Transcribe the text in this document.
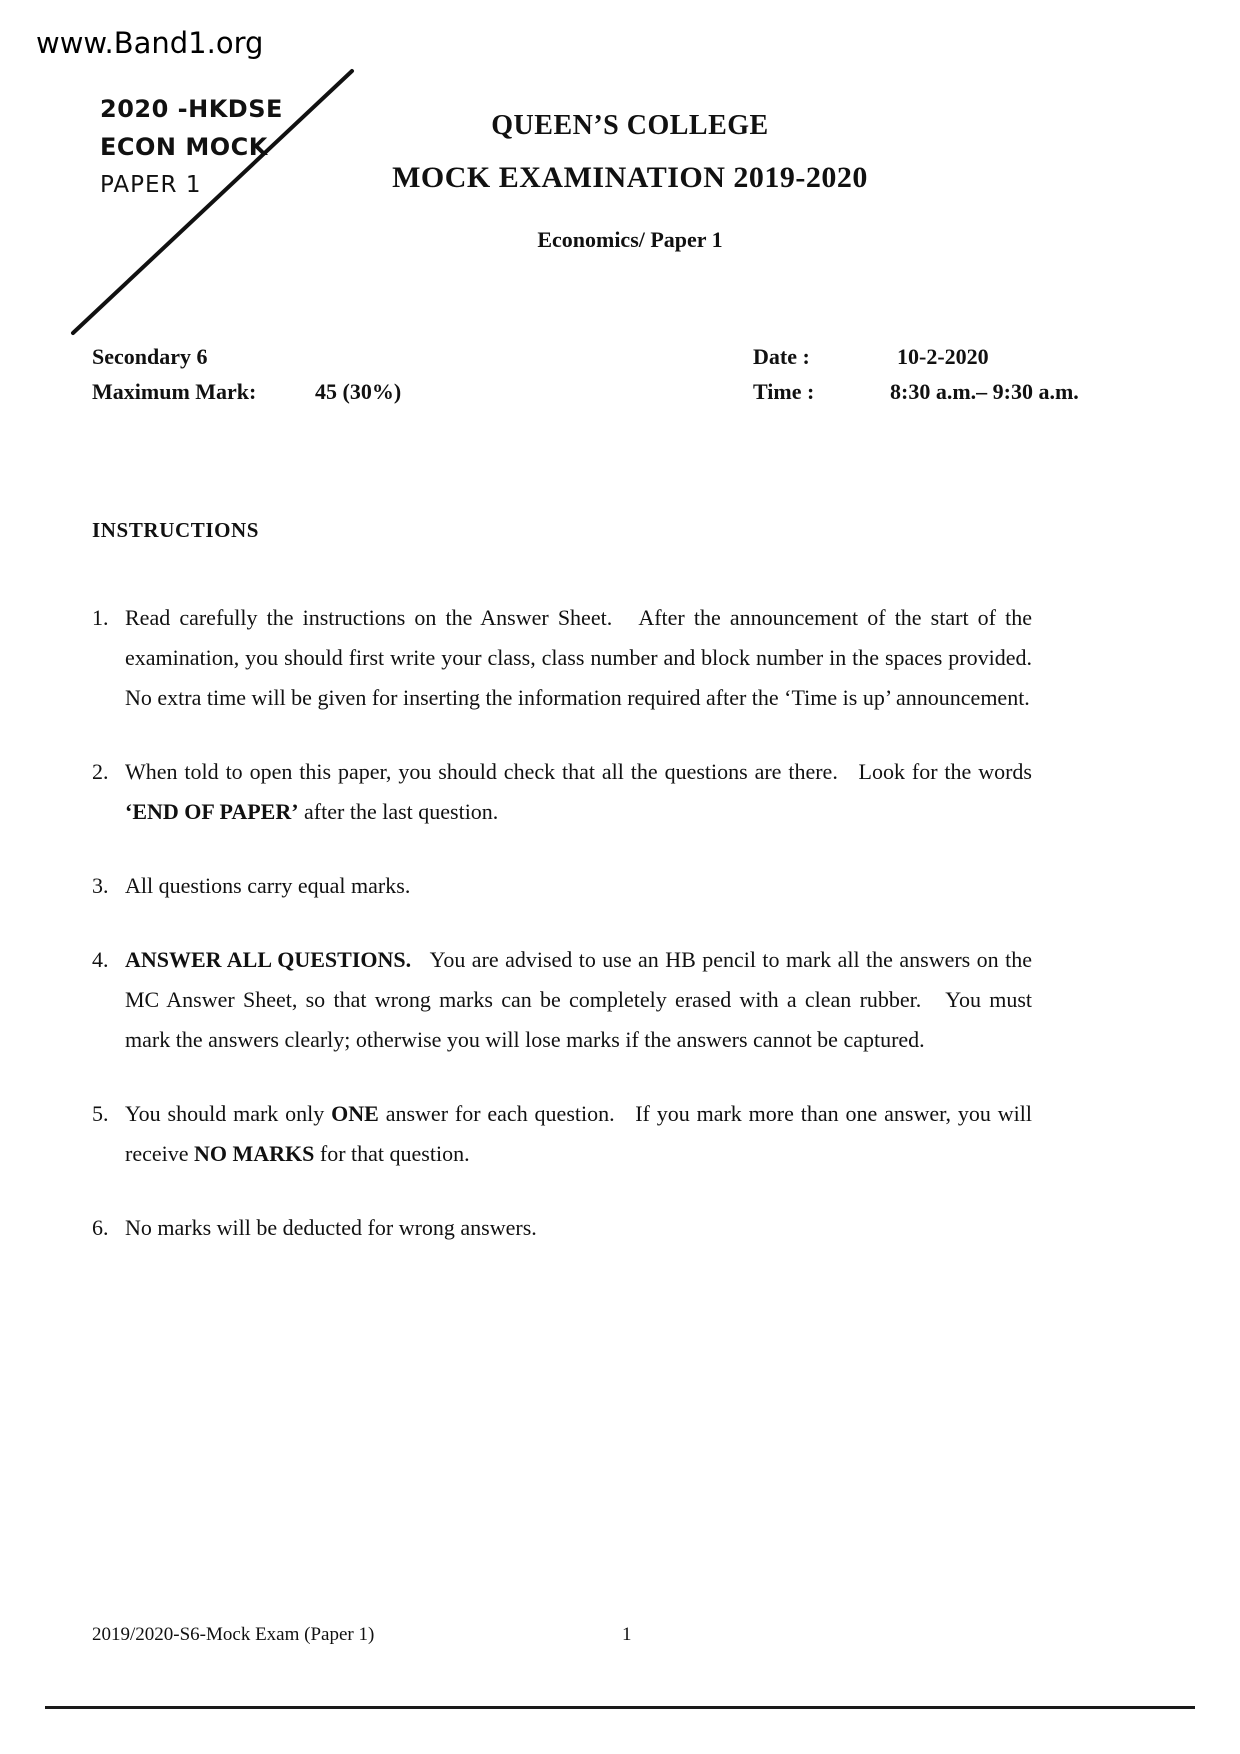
www.Band1.org
2020 -HKDSE
ECON MOCK
PAPER 1
QUEEN’S COLLEGE
MOCK EXAMINATION 2019-2020
Economics/ Paper 1
Secondary 6	Date :	10-2-2020
Maximum Mark:	45 (30%)	Time :	8:30 a.m.– 9:30 a.m.
INSTRUCTIONS
1. Read carefully the instructions on the Answer Sheet.   After the announcement of the start of the examination, you should first write your class, class number and block number in the spaces provided.   No extra time will be given for inserting the information required after the ‘Time is up’ announcement.
2. When told to open this paper, you should check that all the questions are there.   Look for the words ‘END OF PAPER’ after the last question.
3. All questions carry equal marks.
4. ANSWER ALL QUESTIONS.   You are advised to use an HB pencil to mark all the answers on the MC Answer Sheet, so that wrong marks can be completely erased with a clean rubber.   You must mark the answers clearly; otherwise you will lose marks if the answers cannot be captured.
5. You should mark only ONE answer for each question.   If you mark more than one answer, you will receive NO MARKS for that question.
6. No marks will be deducted for wrong answers.
2019/2020-S6-Mock Exam (Paper 1)	1
